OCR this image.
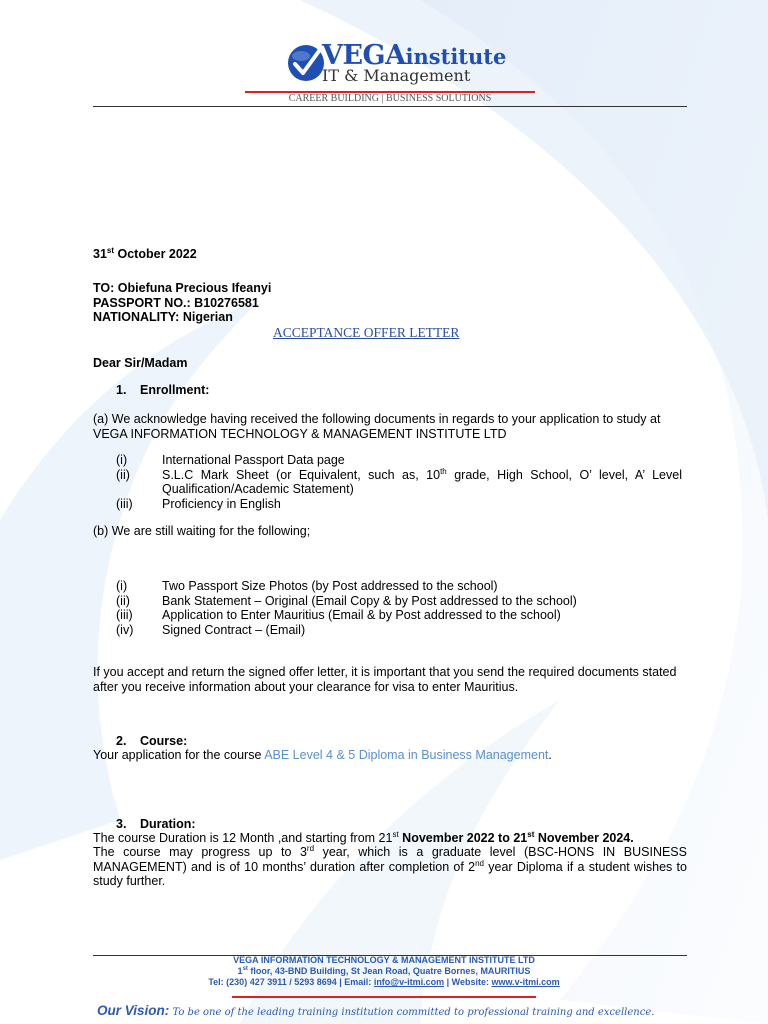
VEGAinstitute
IT & Management
CAREER BUILDING | BUSINESS SOLUTIONS
31st October 2022
TO: Obiefuna Precious Ifeanyi
PASSPORT NO.: B10276581
NATIONALITY: Nigerian
ACCEPTANCE OFFER LETTER
Dear Sir/Madam
1. Enrollment:
(a) We acknowledge having received the following documents in regards to your application to study at VEGA INFORMATION TECHNOLOGY & MANAGEMENT INSTITUTE LTD
(i)	International Passport Data page
(ii)	S.L.C Mark Sheet (or Equivalent, such as, 10th grade, High School, O’ level, A’ Level Qualification/Academic Statement)
(iii)	Proficiency in English
(b) We are still waiting for the following;
(i)	Two Passport Size Photos (by Post addressed to the school)
(ii)	Bank Statement – Original (Email Copy & by Post addressed to the school)
(iii)	Application to Enter Mauritius (Email & by Post addressed to the school)
(iv)	Signed Contract – (Email)
If you accept and return the signed offer letter, it is important that you send the required documents stated after you receive information about your clearance for visa to enter Mauritius.
2. Course:
Your application for the course ABE Level 4 & 5 Diploma in Business Management.
3. Duration:
The course Duration is 12 Month ,and starting from 21st November 2022 to 21st November 2024.
The course may progress up to 3rd year, which is a graduate level (BSC-HONS IN BUSINESS MANAGEMENT) and is of 10 months’ duration after completion of 2nd year Diploma if a student wishes to study further.
VEGA INFORMATION TECHNOLOGY & MANAGEMENT INSTITUTE LTD
1st floor, 43-BND Building, St Jean Road, Quatre Bornes, MAURITIUS
Tel: (230) 427 3911 / 5293 8694 | Email: info@v-itmi.com | Website: www.v-itmi.com
Our Vision: To be one of the leading training institution committed to professional training and excellence.
